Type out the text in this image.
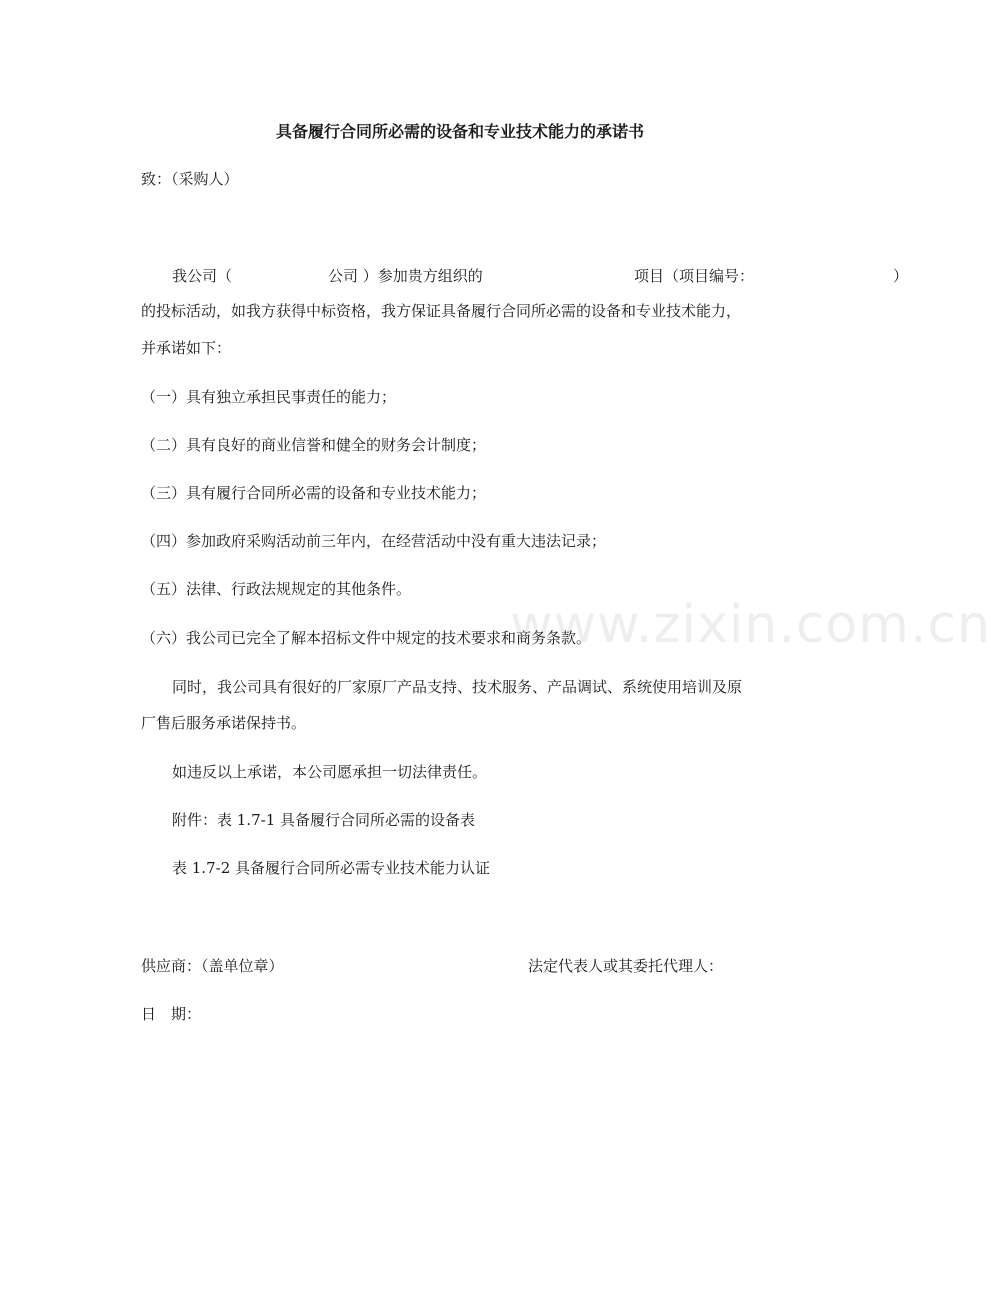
具备履行合同所必需的设备和专业技术能力的承诺书
致：（采购人）
我公司（	公司 ）参加贵方组织的	项目（项目编号：	）
的投标活动，如我方获得中标资格，我方保证具备履行合同所必需的设备和专业技术能力，
并承诺如下：
（一）具有独立承担民事责任的能力；
（二）具有良好的商业信誉和健全的财务会计制度；
（三）具有履行合同所必需的设备和专业技术能力；
（四）参加政府采购活动前三年内，在经营活动中没有重大违法记录；
（五）法律、行政法规规定的其他条件。
（六）我公司已完全了解本招标文件中规定的技术要求和商务条款。
同时，我公司具有很好的厂家原厂产品支持、技术服务、产品调试、系统使用培训及原
厂售后服务承诺保持书。
如违反以上承诺，本公司愿承担一切法律责任。
附件：表 1.7-1 具备履行合同所必需的设备表
表 1.7-2 具备履行合同所必需专业技术能力认证
供应商：（盖单位章）	法定代表人或其委托代理人：
日　期：
www.zixin.com.cn
